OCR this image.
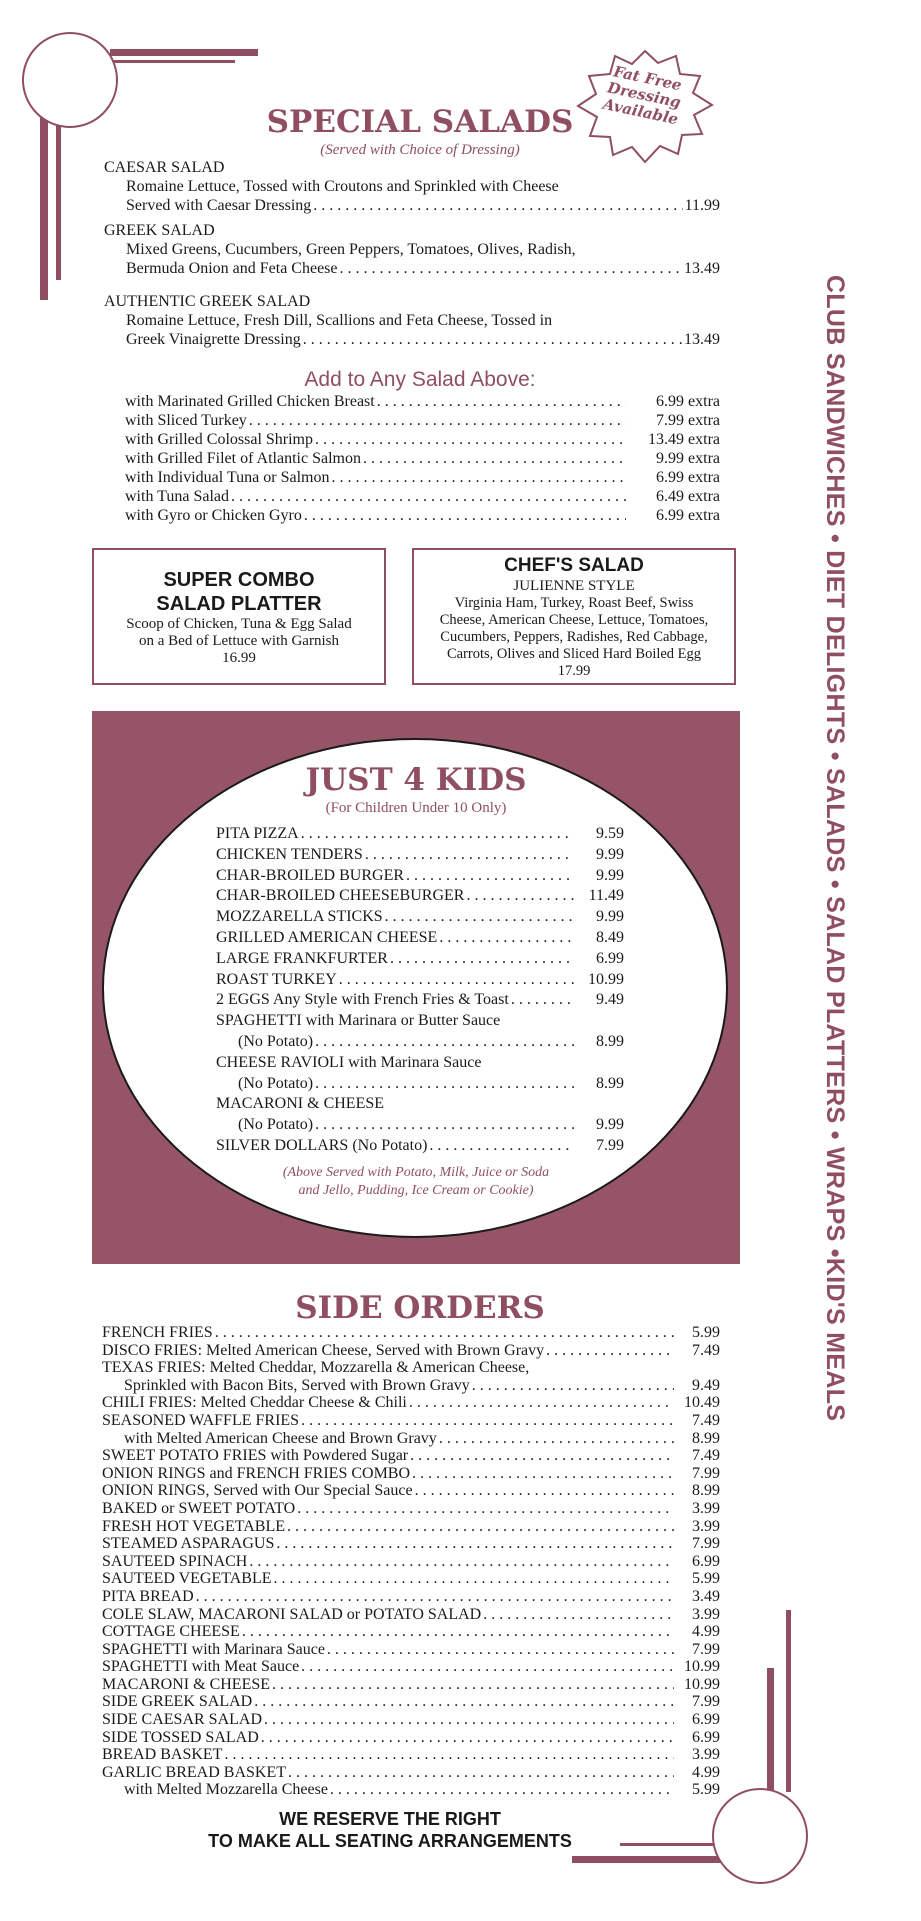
Fat Free Dressing Available
SPECIAL SALADS
(Served with Choice of Dressing)
CAESAR SALAD
Romaine Lettuce, Tossed with Croutons and Sprinkled with Cheese
Served with Caesar Dressing . . .	11.99
GREEK SALAD
Mixed Greens, Cucumbers, Green Peppers, Tomatoes, Olives, Radish,
Bermuda Onion and Feta Cheese . . .	13.49
AUTHENTIC GREEK SALAD
Romaine Lettuce, Fresh Dill, Scallions and Feta Cheese, Tossed in
Greek Vinaigrette Dressing . . .	13.49
Add to Any Salad Above:
with Marinated Grilled Chicken Breast . . .	6.99 extra
with Sliced Turkey . . .	7.99 extra
with Grilled Colossal Shrimp . . .	13.49 extra
with Grilled Filet of Atlantic Salmon . . .	9.99 extra
with Individual Tuna or Salmon . . .	6.99 extra
with Tuna Salad . . .	6.49 extra
with Gyro or Chicken Gyro . . .	6.99 extra
SUPER COMBO
SALAD PLATTER
Scoop of Chicken, Tuna & Egg Salad
on a Bed of Lettuce with Garnish
16.99
CHEF'S SALAD
JULIENNE STYLE
Virginia Ham, Turkey, Roast Beef, Swiss
Cheese, American Cheese, Lettuce, Tomatoes,
Cucumbers, Peppers, Radishes, Red Cabbage,
Carrots, Olives and Sliced Hard Boiled Egg
17.99
JUST 4 KIDS
(For Children Under 10 Only)
PITA PIZZA . . .	9.59
CHICKEN TENDERS . . .	9.99
CHAR-BROILED BURGER . . .	9.99
CHAR-BROILED CHEESEBURGER . . .	11.49
MOZZARELLA STICKS . . .	9.99
GRILLED AMERICAN CHEESE . . .	8.49
LARGE FRANKFURTER . . .	6.99
ROAST TURKEY . . .	10.99
2 EGGS Any Style with French Fries & Toast . . .	9.49
SPAGHETTI with Marinara or Butter Sauce
(No Potato) . . .	8.99
CHEESE RAVIOLI with Marinara Sauce
(No Potato) . . .	8.99
MACARONI & CHEESE
(No Potato) . . .	9.99
SILVER DOLLARS (No Potato) . . .	7.99
(Above Served with Potato, Milk, Juice or Soda
and Jello, Pudding, Ice Cream or Cookie)
SIDE ORDERS
FRENCH FRIES . . .	5.99
DISCO FRIES: Melted American Cheese, Served with Brown Gravy . . .	7.49
TEXAS FRIES: Melted Cheddar, Mozzarella & American Cheese,
Sprinkled with Bacon Bits, Served with Brown Gravy . . .	9.49
CHILI FRIES: Melted Cheddar Cheese & Chili . . .	10.49
SEASONED WAFFLE FRIES . . .	7.49
with Melted American Cheese and Brown Gravy . . .	8.99
SWEET POTATO FRIES with Powdered Sugar . . .	7.49
ONION RINGS and FRENCH FRIES COMBO . . .	7.99
ONION RINGS, Served with Our Special Sauce . . .	8.99
BAKED or SWEET POTATO . . .	3.99
FRESH HOT VEGETABLE . . .	3.99
STEAMED ASPARAGUS . . .	7.99
SAUTEED SPINACH . . .	6.99
SAUTEED VEGETABLE . . .	5.99
PITA BREAD . . .	3.49
COLE SLAW, MACARONI SALAD or POTATO SALAD . . .	3.99
COTTAGE CHEESE . . .	4.99
SPAGHETTI with Marinara Sauce . . .	7.99
SPAGHETTI with Meat Sauce . . .	10.99
MACARONI & CHEESE . . .	10.99
SIDE GREEK SALAD . . .	7.99
SIDE CAESAR SALAD . . .	6.99
SIDE TOSSED SALAD . . .	6.99
BREAD BASKET . . .	3.99
GARLIC BREAD BASKET . . .	4.99
with Melted Mozzarella Cheese . . .	5.99
WE RESERVE THE RIGHT
TO MAKE ALL SEATING ARRANGEMENTS
CLUB SANDWICHES • DIET DELIGHTS • SALADS • SALAD PLATTERS • WRAPS •KID'S MEALS
